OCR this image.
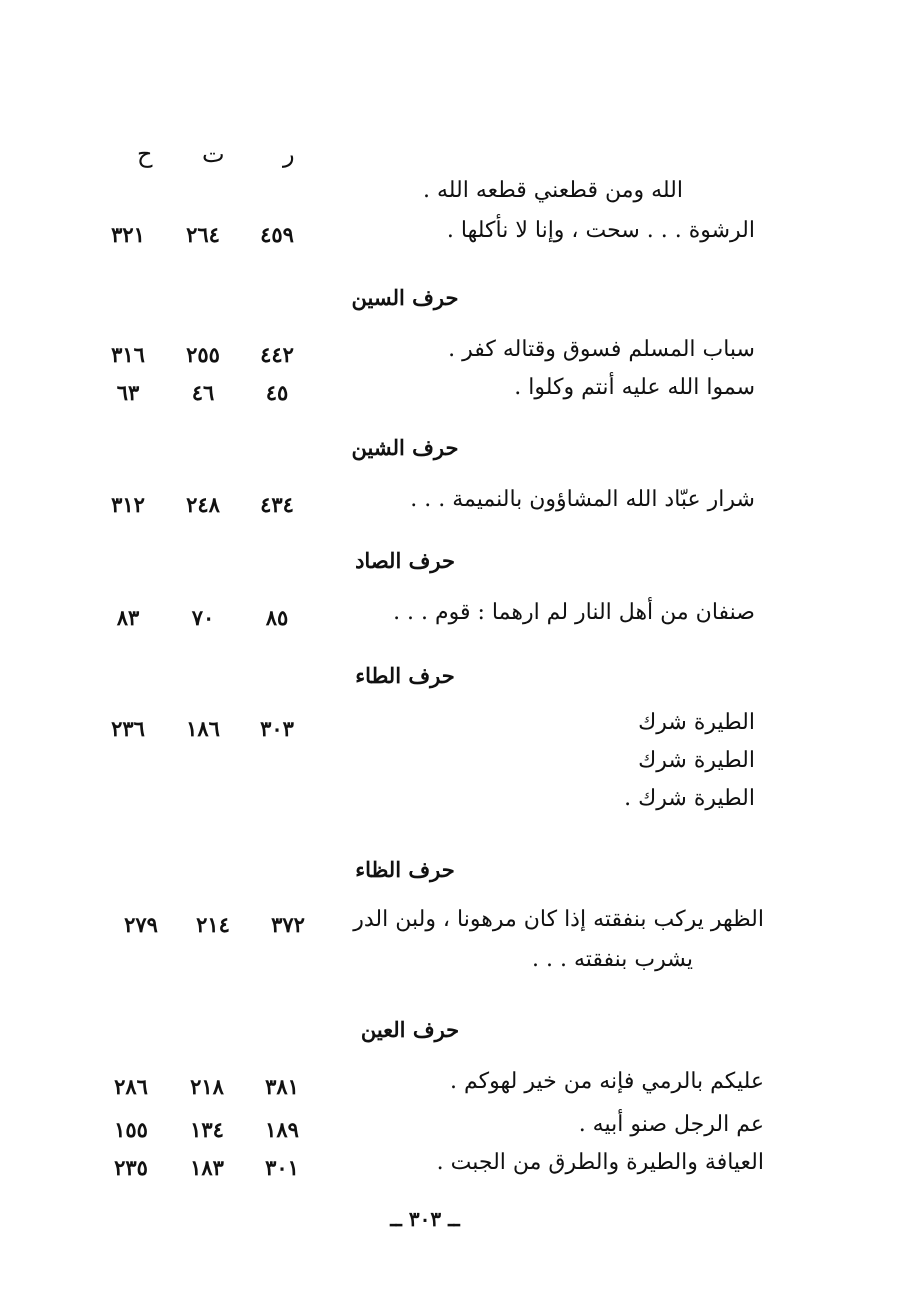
ر
ت
ح
الله ومن قطعني قطعه الله .
الرشوة . . . سحت ، وإنا لا نأكلها .
٤٥٩
٢٦٤
٣٢١
حرف السين
سباب المسلم فسوق وقتاله كفر .
٤٤٢
٢٥٥
٣١٦
سموا الله عليه أنتم وكلوا .
٤٥
٤٦
٦٣
حرف الشين
شرار عبّاد الله المشاؤون بالنميمة . . .
٤٣٤
٢٤٨
٣١٢
حرف الصاد
صنفان من أهل النار لم ارهما : قوم . . .
٨٥
٧٠
٨٣
حرف الطاء
الطيرة شرك
٣٠٣
١٨٦
٢٣٦
الطيرة شرك
الطيرة شرك .
حرف الظاء
الظهر يركب بنفقته إذا كان مرهونا ، ولبن الدر
٣٧٢
٢١٤
٢٧٩
يشرب بنفقته . . .
حرف العين
عليكم بالرمي فإنه من خير لهوكم .
٣٨١
٢١٨
٢٨٦
عم الرجل صنو أبيه .
١٨٩
١٣٤
١٥٥
العيافة والطيرة والطرق من الجبت .
٣٠١
١٨٣
٢٣٥
ــ ٣٠٣ ــ
